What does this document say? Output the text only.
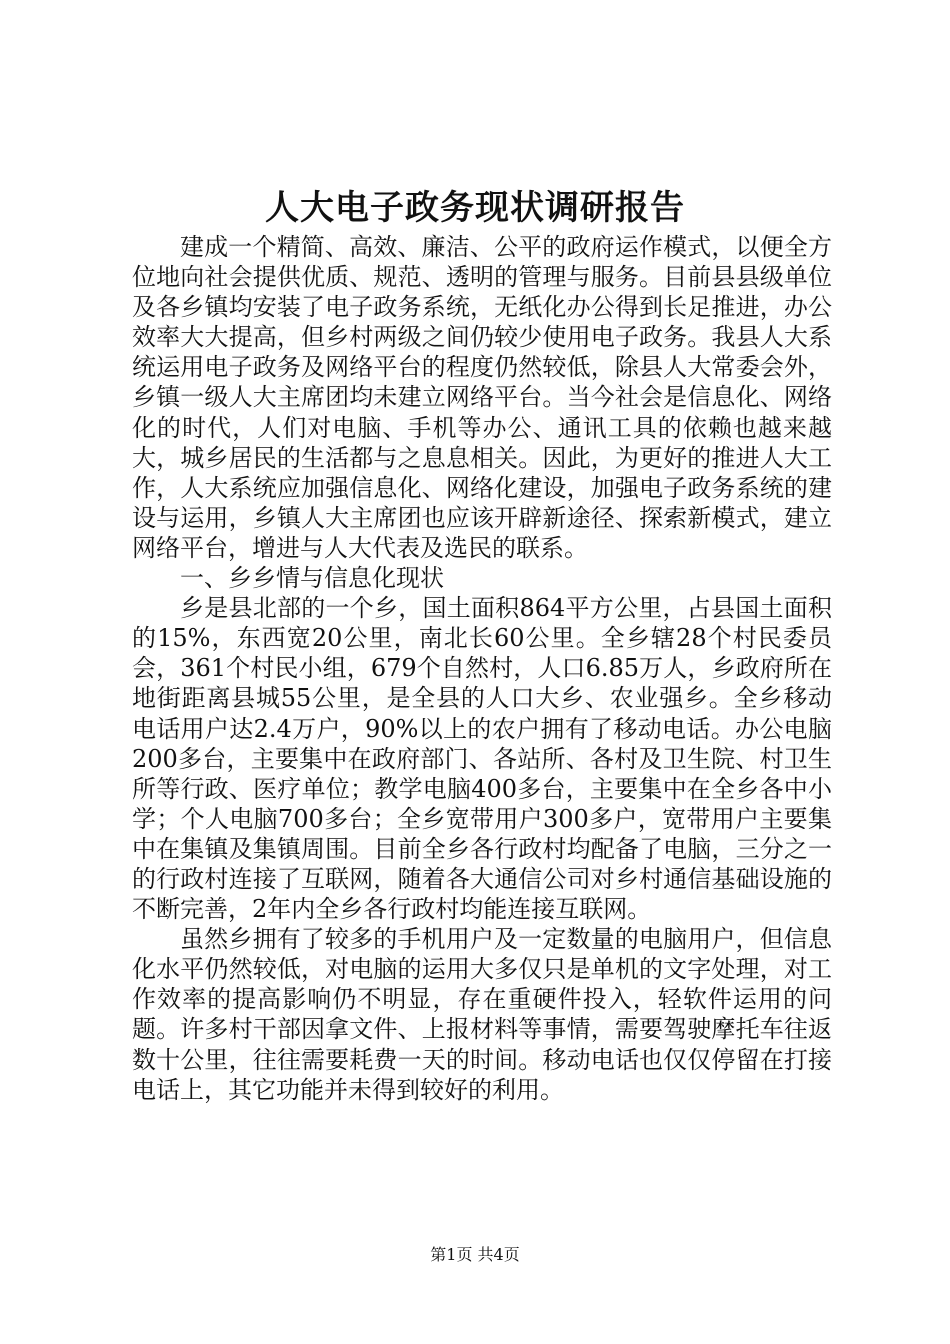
人大电子政务现状调研报告

建成一个精简、高效、廉洁、公平的政府运作模式，以便全方位地向社会提供优质、规范、透明的管理与服务。目前县县级单位及各乡镇均安装了电子政务系统，无纸化办公得到长足推进，办公效率大大提高，但乡村两级之间仍较少使用电子政务。我县人大系统运用电子政务及网络平台的程度仍然较低，除县人大常委会外，乡镇一级人大主席团均未建立网络平台。当今社会是信息化、网络化的时代，人们对电脑、手机等办公、通讯工具的依赖也越来越大，城乡居民的生活都与之息息相关。因此，为更好的推进人大工作，人大系统应加强信息化、网络化建设，加强电子政务系统的建设与运用，乡镇人大主席团也应该开辟新途径、探索新模式，建立网络平台，增进与人大代表及选民的联系。

一、乡乡情与信息化现状

乡是县北部的一个乡，国土面积864平方公里，占县国土面积的15%，东西宽20公里，南北长60公里。全乡辖28个村民委员会，361个村民小组，679个自然村，人口6.85万人，乡政府所在地街距离县城55公里，是全县的人口大乡、农业强乡。全乡移动电话用户达2.4万户，90%以上的农户拥有了移动电话。办公电脑200多台，主要集中在政府部门、各站所、各村及卫生院、村卫生所等行政、医疗单位；教学电脑400多台，主要集中在全乡各中小学；个人电脑700多台；全乡宽带用户300多户，宽带用户主要集中在集镇及集镇周围。目前全乡各行政村均配备了电脑，三分之一的行政村连接了互联网，随着各大通信公司对乡村通信基础设施的不断完善，2年内全乡各行政村均能连接互联网。

虽然乡拥有了较多的手机用户及一定数量的电脑用户，但信息化水平仍然较低，对电脑的运用大多仅只是单机的文字处理，对工作效率的提高影响仍不明显，存在重硬件投入，轻软件运用的问题。许多村干部因拿文件、上报材料等事情，需要驾驶摩托车往返数十公里，往往需要耗费一天的时间。移动电话也仅仅停留在打接电话上，其它功能并未得到较好的利用。

第1页 共4页
